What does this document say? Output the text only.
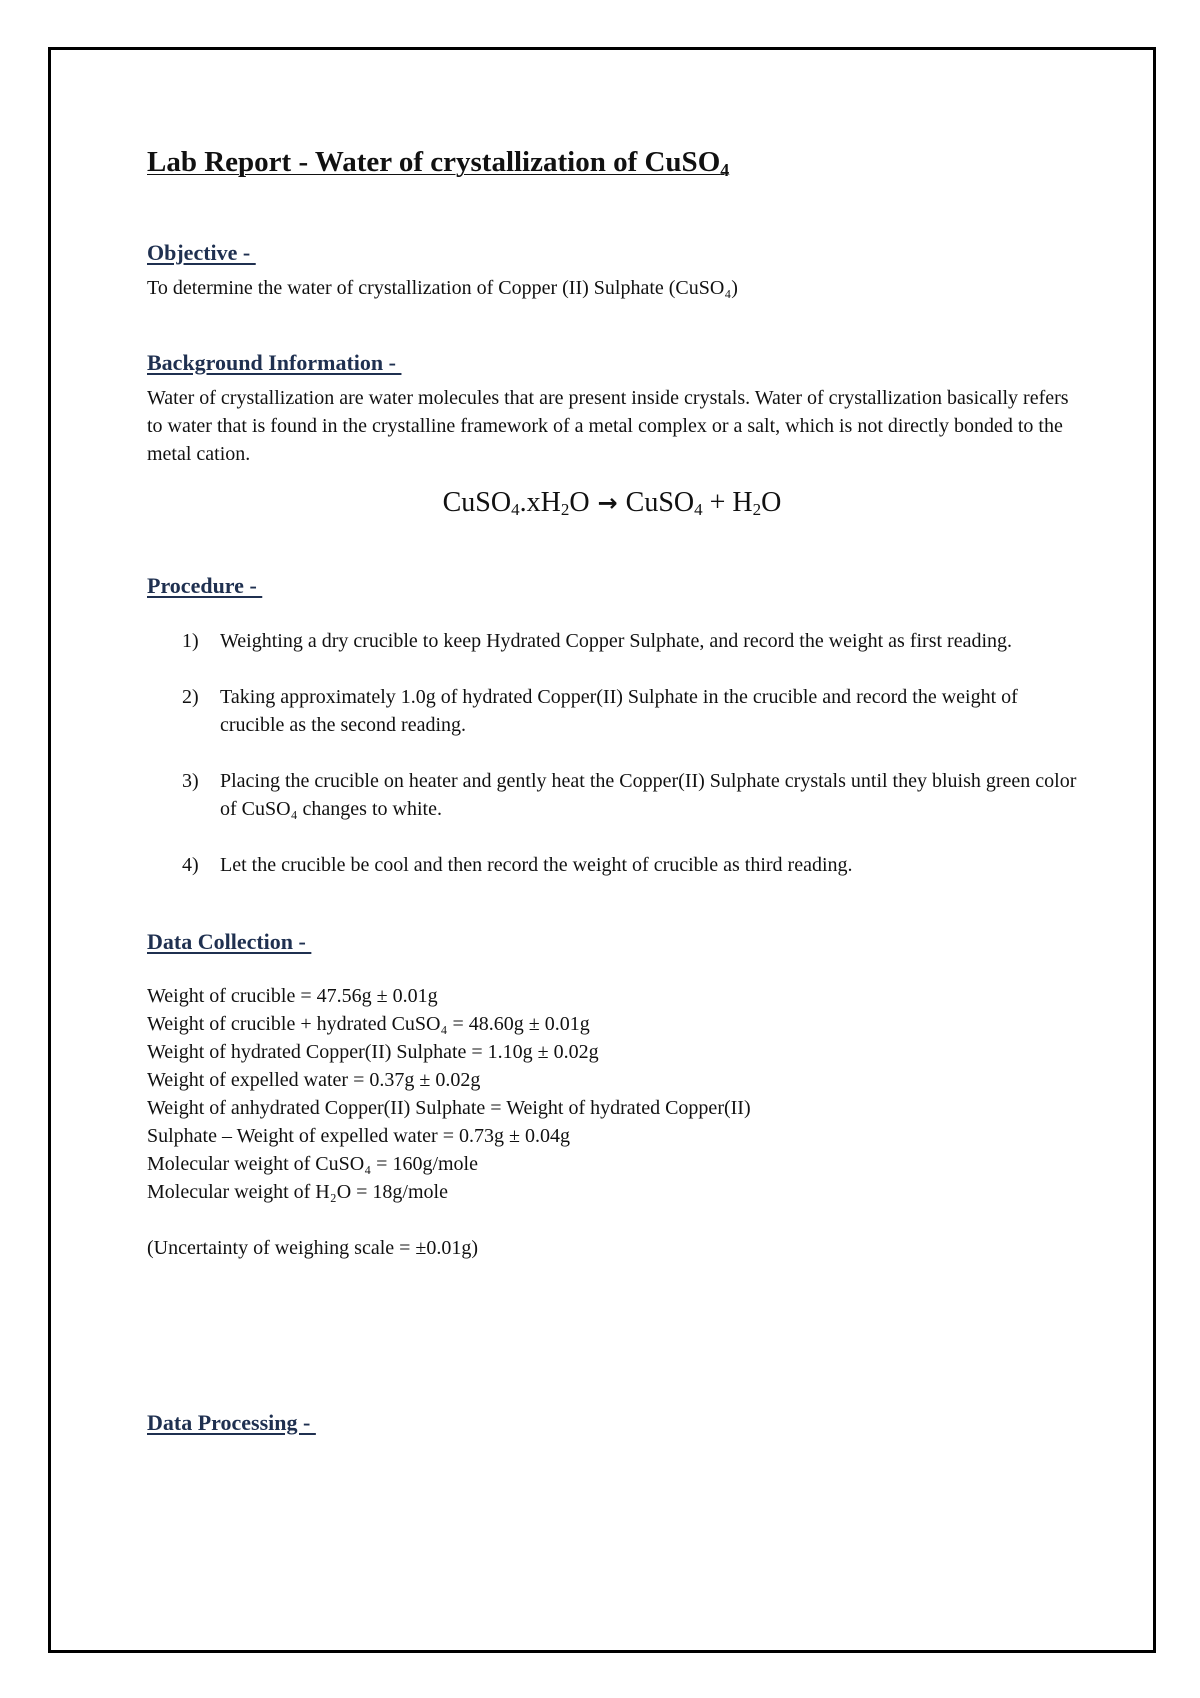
Lab Report - Water of crystallization of CuSO$_4$
Objective -

To determine the water of crystallization of Copper (II) Sulphate (CuSO₄)

Background Information -

Water of crystallization are water molecules that are present inside crystals. Water of crystallization basically refers to water that is found in the crystalline framework of a metal complex or a salt, which is not directly bonded to the metal cation.

$CuSO_4.xH_2O$ → CuSO$_4$ + $H_2O$

Procedure -
1) Weighting a dry crucible to keep Hydrated Copper Sulphate, and record the weight as first reading.
2) Taking approximately 1.0g of hydrated Copper(II) Sulphate in the crucible and record the weight of crucible as the second reading.
3) Placing the crucible on heater and gently heat the Copper(II) Sulphate crystals until they bluish green color of CuSO₄ changes to white.
4) Let the crucible be cool and then record the weight of crucible as third reading.
Data Collection -

Weight of crucible = 47.56g ± 0.01g

Weight of crucible + hydrated CuSO₄ = 48.60g ± 0.01g

Weight of hydrated Copper(II) Sulphate = 1.10g ± 0.02g

Weight of expelled water = 0.37g ± 0.02g

Weight of anhydrated Copper(II) Sulphate = Weight of hydrated Copper(II)

Sulphate – Weight of expelled water = 0.73g ± 0.04g

Molecular weight of CuSO₄ = 160g/mole

Molecular weight of H₂O = 18g/mole

(Uncertainty of weighing scale = ±0.01g)

Data Processing -
